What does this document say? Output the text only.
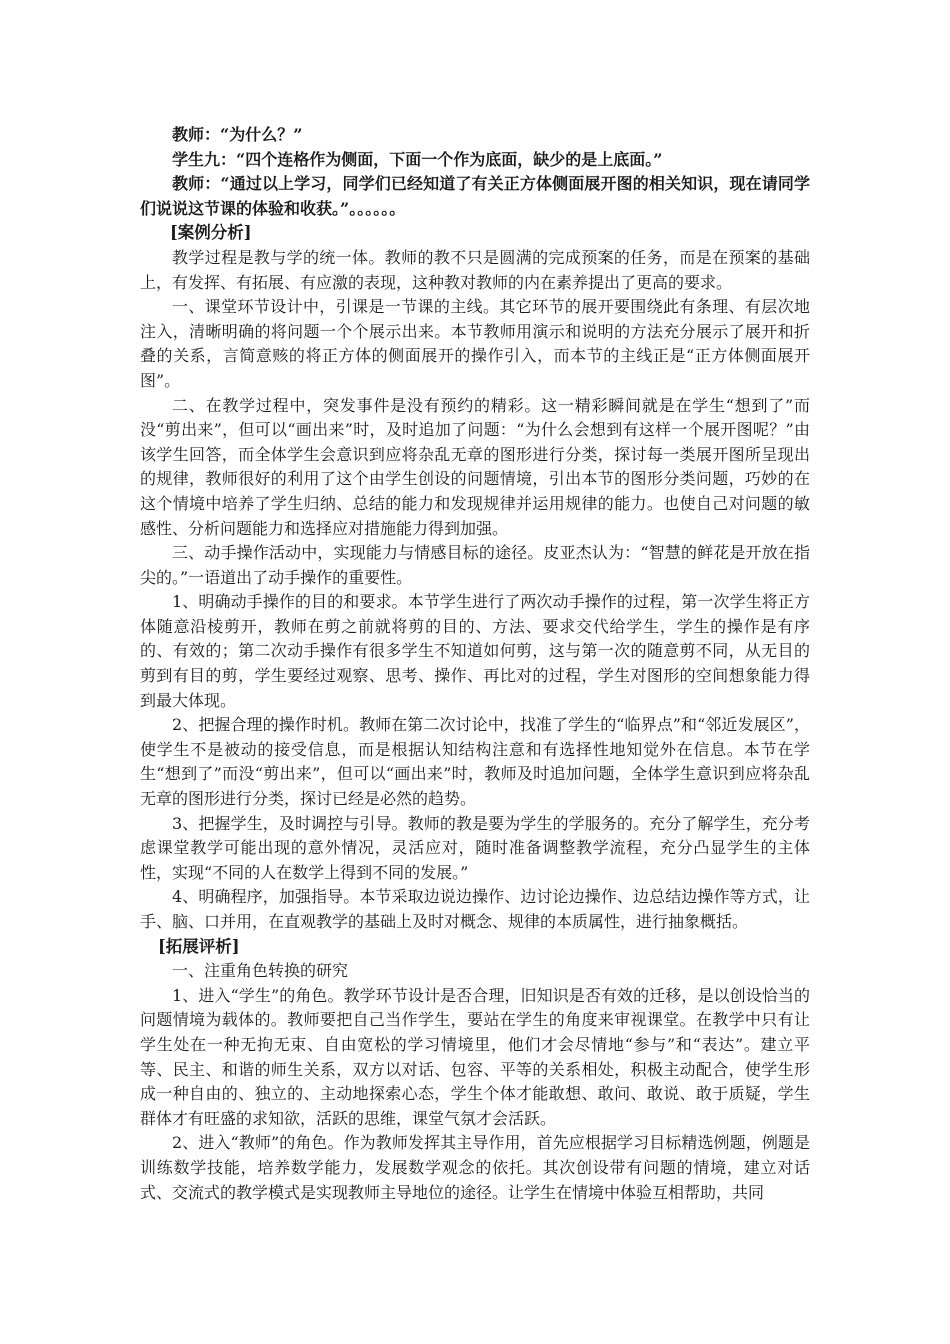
教师：“为什么？”

学生九：“四个连格作为侧面，下面一个作为底面，缺少的是上底面。”

教师：“通过以上学习，同学们已经知道了有关正方体侧面展开图的相关知识，现在请同学们说说这节课的体验和收获。”。。。。。。

[案例分析]

教学过程是教与学的统一体。教师的教不只是圆满的完成预案的任务，而是在预案的基础上，有发挥、有拓展、有应激的表现，这种教对教师的内在素养提出了更高的要求。

一、课堂环节设计中，引课是一节课的主线。其它环节的展开要围绕此有条理、有层次地注入，清晰明确的将问题一个个展示出来。本节教师用演示和说明的方法充分展示了展开和折叠的关系，言简意赅的将正方体的侧面展开的操作引入，而本节的主线正是“正方体侧面展开图”。

二、在教学过程中，突发事件是没有预约的精彩。这一精彩瞬间就是在学生“想到了”而没“剪出来”，但可以“画出来”时，及时追加了问题：“为什么会想到有这样一个展开图呢？”由该学生回答，而全体学生会意识到应将杂乱无章的图形进行分类，探讨每一类展开图所呈现出的规律，教师很好的利用了这个由学生创设的问题情境，引出本节的图形分类问题，巧妙的在这个情境中培养了学生归纳、总结的能力和发现规律并运用规律的能力。也使自己对问题的敏感性、分析问题能力和选择应对措施能力得到加强。

三、动手操作活动中，实现能力与情感目标的途径。皮亚杰认为：“智慧的鲜花是开放在指尖的。”一语道出了动手操作的重要性。

1、明确动手操作的目的和要求。本节学生进行了两次动手操作的过程，第一次学生将正方体随意沿棱剪开，教师在剪之前就将剪的目的、方法、要求交代给学生，学生的操作是有序的、有效的；第二次动手操作有很多学生不知道如何剪，这与第一次的随意剪不同，从无目的剪到有目的剪，学生要经过观察、思考、操作、再比对的过程，学生对图形的空间想象能力得到最大体现。

2、把握合理的操作时机。教师在第二次讨论中，找准了学生的“临界点”和“邻近发展区”，使学生不是被动的接受信息，而是根据认知结构注意和有选择性地知觉外在信息。本节在学生“想到了”而没“剪出来”，但可以“画出来”时，教师及时追加问题，全体学生意识到应将杂乱无章的图形进行分类，探讨已经是必然的趋势。

3、把握学生，及时调控与引导。教师的教是要为学生的学服务的。充分了解学生，充分考虑课堂教学可能出现的意外情况，灵活应对，随时准备调整教学流程，充分凸显学生的主体性，实现“不同的人在数学上得到不同的发展。”

4、明确程序，加强指导。本节采取边说边操作、边讨论边操作、边总结边操作等方式，让手、脑、口并用，在直观教学的基础上及时对概念、规律的本质属性，进行抽象概括。

[拓展评析]

一、注重角色转换的研究

1、进入“学生”的角色。教学环节设计是否合理，旧知识是否有效的迁移，是以创设恰当的问题情境为载体的。教师要把自己当作学生，要站在学生的角度来审视课堂。在教学中只有让学生处在一种无拘无束、自由宽松的学习情境里，他们才会尽情地“参与”和“表达”。建立平等、民主、和谐的师生关系，双方以对话、包容、平等的关系相处，积极主动配合，使学生形成一种自由的、独立的、主动地探索心态，学生个体才能敢想、敢问、敢说、敢于质疑，学生群体才有旺盛的求知欲，活跃的思维，课堂气氛才会活跃。

2、进入“教师”的角色。作为教师发挥其主导作用，首先应根据学习目标精选例题，例题是训练数学技能，培养数学能力，发展数学观念的依托。其次创设带有问题的情境，建立对话式、交流式的教学模式是实现教师主导地位的途径。让学生在情境中体验互相帮助，共同
